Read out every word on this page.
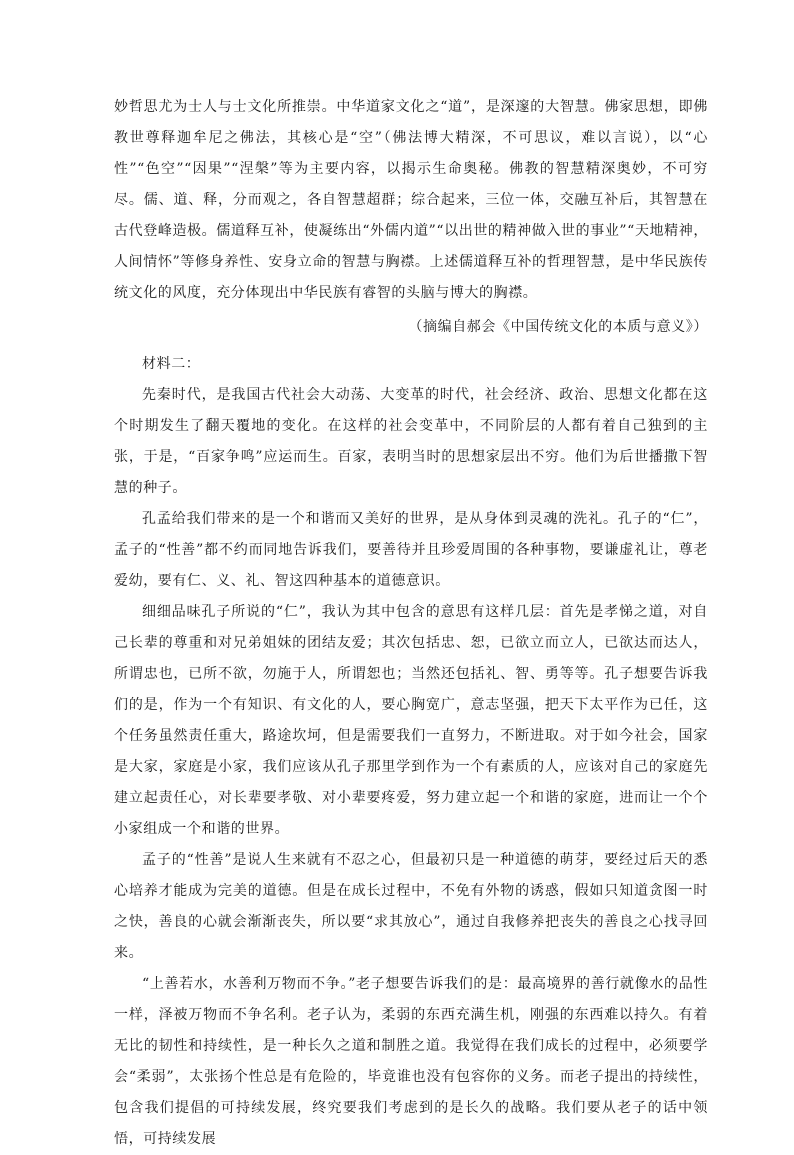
妙哲思尤为士人与士文化所推崇。中华道家文化之“道”，是深邃的大智慧。佛家思想，即佛教世尊释迦牟尼之佛法，其核心是“空”（佛法博大精深，不可思议，难以言说），以“心性”“色空”“因果”“涅槃”等为主要内容，以揭示生命奥秘。佛教的智慧精深奥妙，不可穷尽。儒、道、释，分而观之，各自智慧超群；综合起来，三位一体，交融互补后，其智慧在古代登峰造极。儒道释互补，使凝练出“外儒内道”“以出世的精神做入世的事业”“天地精神，人间情怀”等修身养性、安身立命的智慧与胸襟。上述儒道释互补的哲理智慧，是中华民族传统文化的风度，充分体现出中华民族有睿智的头脑与博大的胸襟。

（摘编自郝会《中国传统文化的本质与意义》）

材料二：

先秦时代，是我国古代社会大动荡、大变革的时代，社会经济、政治、思想文化都在这个时期发生了翻天覆地的变化。在这样的社会变革中，不同阶层的人都有着自己独到的主张，于是，“百家争鸣”应运而生。百家，表明当时的思想家层出不穷。他们为后世播撒下智慧的种子。

孔孟给我们带来的是一个和谐而又美好的世界，是从身体到灵魂的洗礼。孔子的“仁”，孟子的“性善”都不约而同地告诉我们，要善待并且珍爱周围的各种事物，要谦虚礼让，尊老爱幼，要有仁、义、礼、智这四种基本的道德意识。

细细品味孔子所说的“仁”，我认为其中包含的意思有这样几层：首先是孝悌之道，对自己长辈的尊重和对兄弟姐妹的团结友爱；其次包括忠、恕，已欲立而立人，已欲达而达人，所谓忠也，已所不欲，勿施于人，所谓恕也；当然还包括礼、智、勇等等。孔子想要告诉我们的是，作为一个有知识、有文化的人，要心胸宽广，意志坚强，把天下太平作为已任，这个任务虽然责任重大，路途坎坷，但是需要我们一直努力，不断进取。对于如今社会，国家是大家，家庭是小家，我们应该从孔子那里学到作为一个有素质的人，应该对自己的家庭先建立起责任心，对长辈要孝敬、对小辈要疼爱，努力建立起一个和谐的家庭，进而让一个个小家组成一个和谐的世界。

孟子的“性善”是说人生来就有不忍之心，但最初只是一种道德的萌芽，要经过后天的悉心培养才能成为完美的道德。但是在成长过程中，不免有外物的诱惑，假如只知道贪图一时之快，善良的心就会渐渐丧失，所以要“求其放心”，通过自我修养把丧失的善良之心找寻回来。

“上善若水，水善利万物而不争。”老子想要告诉我们的是：最高境界的善行就像水的品性一样，泽被万物而不争名利。老子认为，柔弱的东西充满生机，刚强的东西难以持久。有着无比的韧性和持续性，是一种长久之道和制胜之道。我觉得在我们成长的过程中，必须要学会“柔弱”，太张扬个性总是有危险的，毕竟谁也没有包容你的义务。而老子提出的持续性，包含我们提倡的可持续发展，终究要我们考虑到的是长久的战略。我们要从老子的话中领悟，可持续发展
